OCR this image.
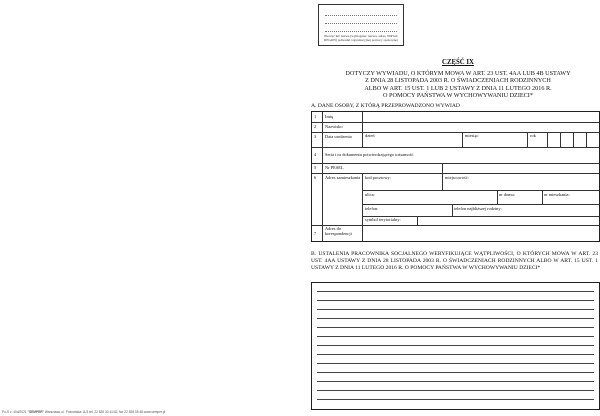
Pu-S z. 40d/2021 "SEMPER" Warszawa, ul. Poznańska 11/3 tel. 22 828 30 41/42, fax 22 828 35 48 www.semper.pl
Pieczęć lub nazwa (wymagane: nazwa, adres, NIP lub REGON) jednostki organizacyjnej pomocy społecznej
CZĘŚĆ IX
DOTYCZY WYWIADU, O KTÓRYM MOWA W ART. 23 UST. 4AA LUB 4B USTAWY
Z DNIA 28 LISTOPADA 2003 R. O ŚWIADCZENIACH RODZINNYCH
ALBO W ART. 15 UST. 1 LUB 2 USTAWY Z DNIA 11 LUTEGO 2016 R.
O POMOCY PAŃSTWA W WYCHOWYWANIU DZIECI*
A. DANE OSOBY, Z KTÓRĄ PRZEPROWADZONO WYWIAD
1 Imię
2 Nazwisko
3 Data urodzenia	dzień	miesiąc	rok
4 Seria i nr dokumentu potwierdzającego tożsamość
5 Nr PESEL
6 Adres zamieszkania kod pocztowy:	miejscowość:
ulica:	nr domu:	nr mieszkania:
telefon:	telefon najbliższej rodziny:
symbol terytorialny:
7
Adres do korespondencji
B. USTALENIA PRACOWNIKA SOCJALNEGO WERYFIKUJĄCE WĄTPLIWOŚCI, O KTÓRYCH MOWA W ART. 23 UST. 4AA USTAWY Z DNIA 28 LISTOPADA 2003 R. O ŚWIADCZENIACH RODZINNYCH ALBO W ART. 15 UST. 1 USTAWY Z DNIA 11 LUTEGO 2016 R. O POMOCY PAŃSTWA W WYCHOWYWANIU DZIECI*
